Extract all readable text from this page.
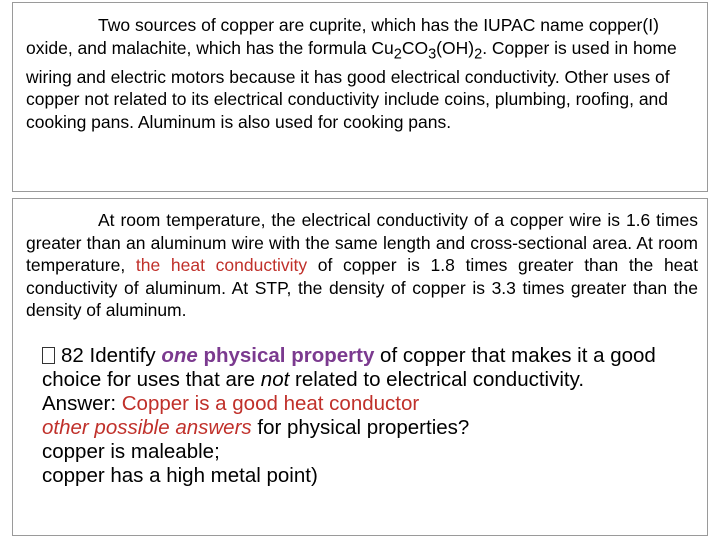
Two sources of copper are cuprite, which has the IUPAC name copper(I) oxide, and malachite, which has the formula $Cu_2CO_3(OH)_2$. Copper is used in home wiring and electric motors because it has good electrical conductivity. Other uses of copper not related to its electrical conductivity include coins, plumbing, roofing, and cooking pans. Aluminum is also used for cooking pans.

At room temperature, the electrical conductivity of a copper wire is 1.6 times greater than an aluminum wire with the same length and cross-sectional area. At room temperature, the heat conductivity of copper is 1.8 times greater than the heat conductivity of aluminum. At STP, the density of copper is 3.3 times greater than the density of aluminum.

82 Identify one physical property of copper that makes it a good choice for uses that are not related to electrical conductivity.
Answer: Copper is a good heat conductor
other possible answers for physical properties?
copper is maleable;
copper has a high metal point)
